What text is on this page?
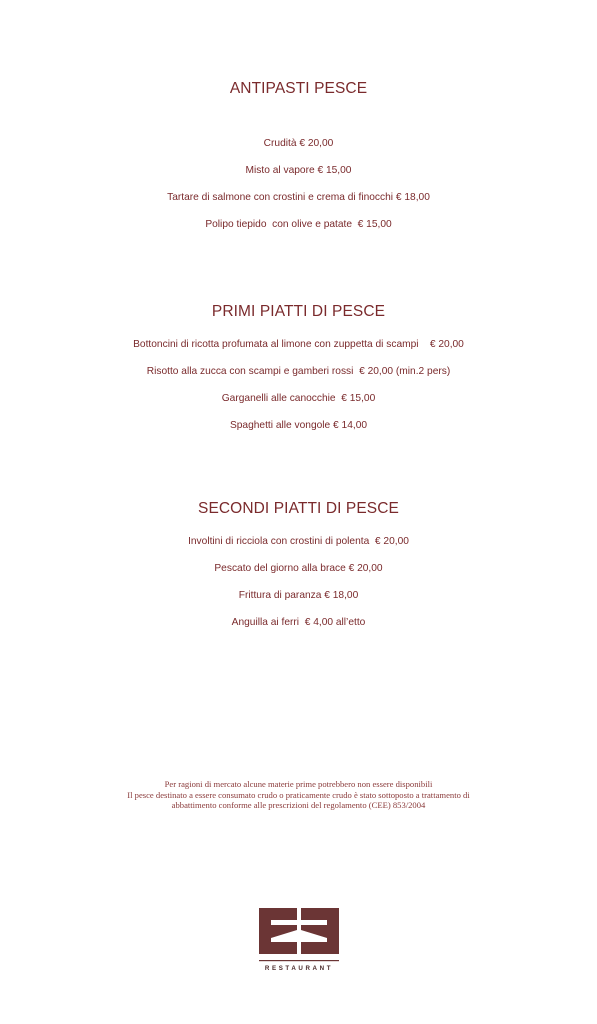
ANTIPASTI PESCE
Crudità € 20,00
Misto al vapore € 15,00
Tartare di salmone con crostini e crema di finocchi € 18,00
Polipo tiepido  con olive e patate  € 15,00
PRIMI PIATTI DI PESCE
Bottoncini di ricotta profumata al limone con zuppetta di scampi    € 20,00
Risotto alla zucca con scampi e gamberi rossi  € 20,00 (min.2 pers)
Garganelli alle canocchie  € 15,00
Spaghetti alle vongole € 14,00
SECONDI PIATTI DI PESCE
Involtini di ricciola con crostini di polenta  € 20,00
Pescato del giorno alla brace € 20,00
Frittura di paranza € 18,00
Anguilla ai ferri  € 4,00 all’etto
Per ragioni di mercato alcune materie prime potrebbero non essere disponibili
Il pesce destinato a essere consumato crudo o praticamente crudo è stato sottoposto a trattamento di
abbattimento conforme alle prescrizioni del regolamento (CEE) 853/2004
RESTAURANT
